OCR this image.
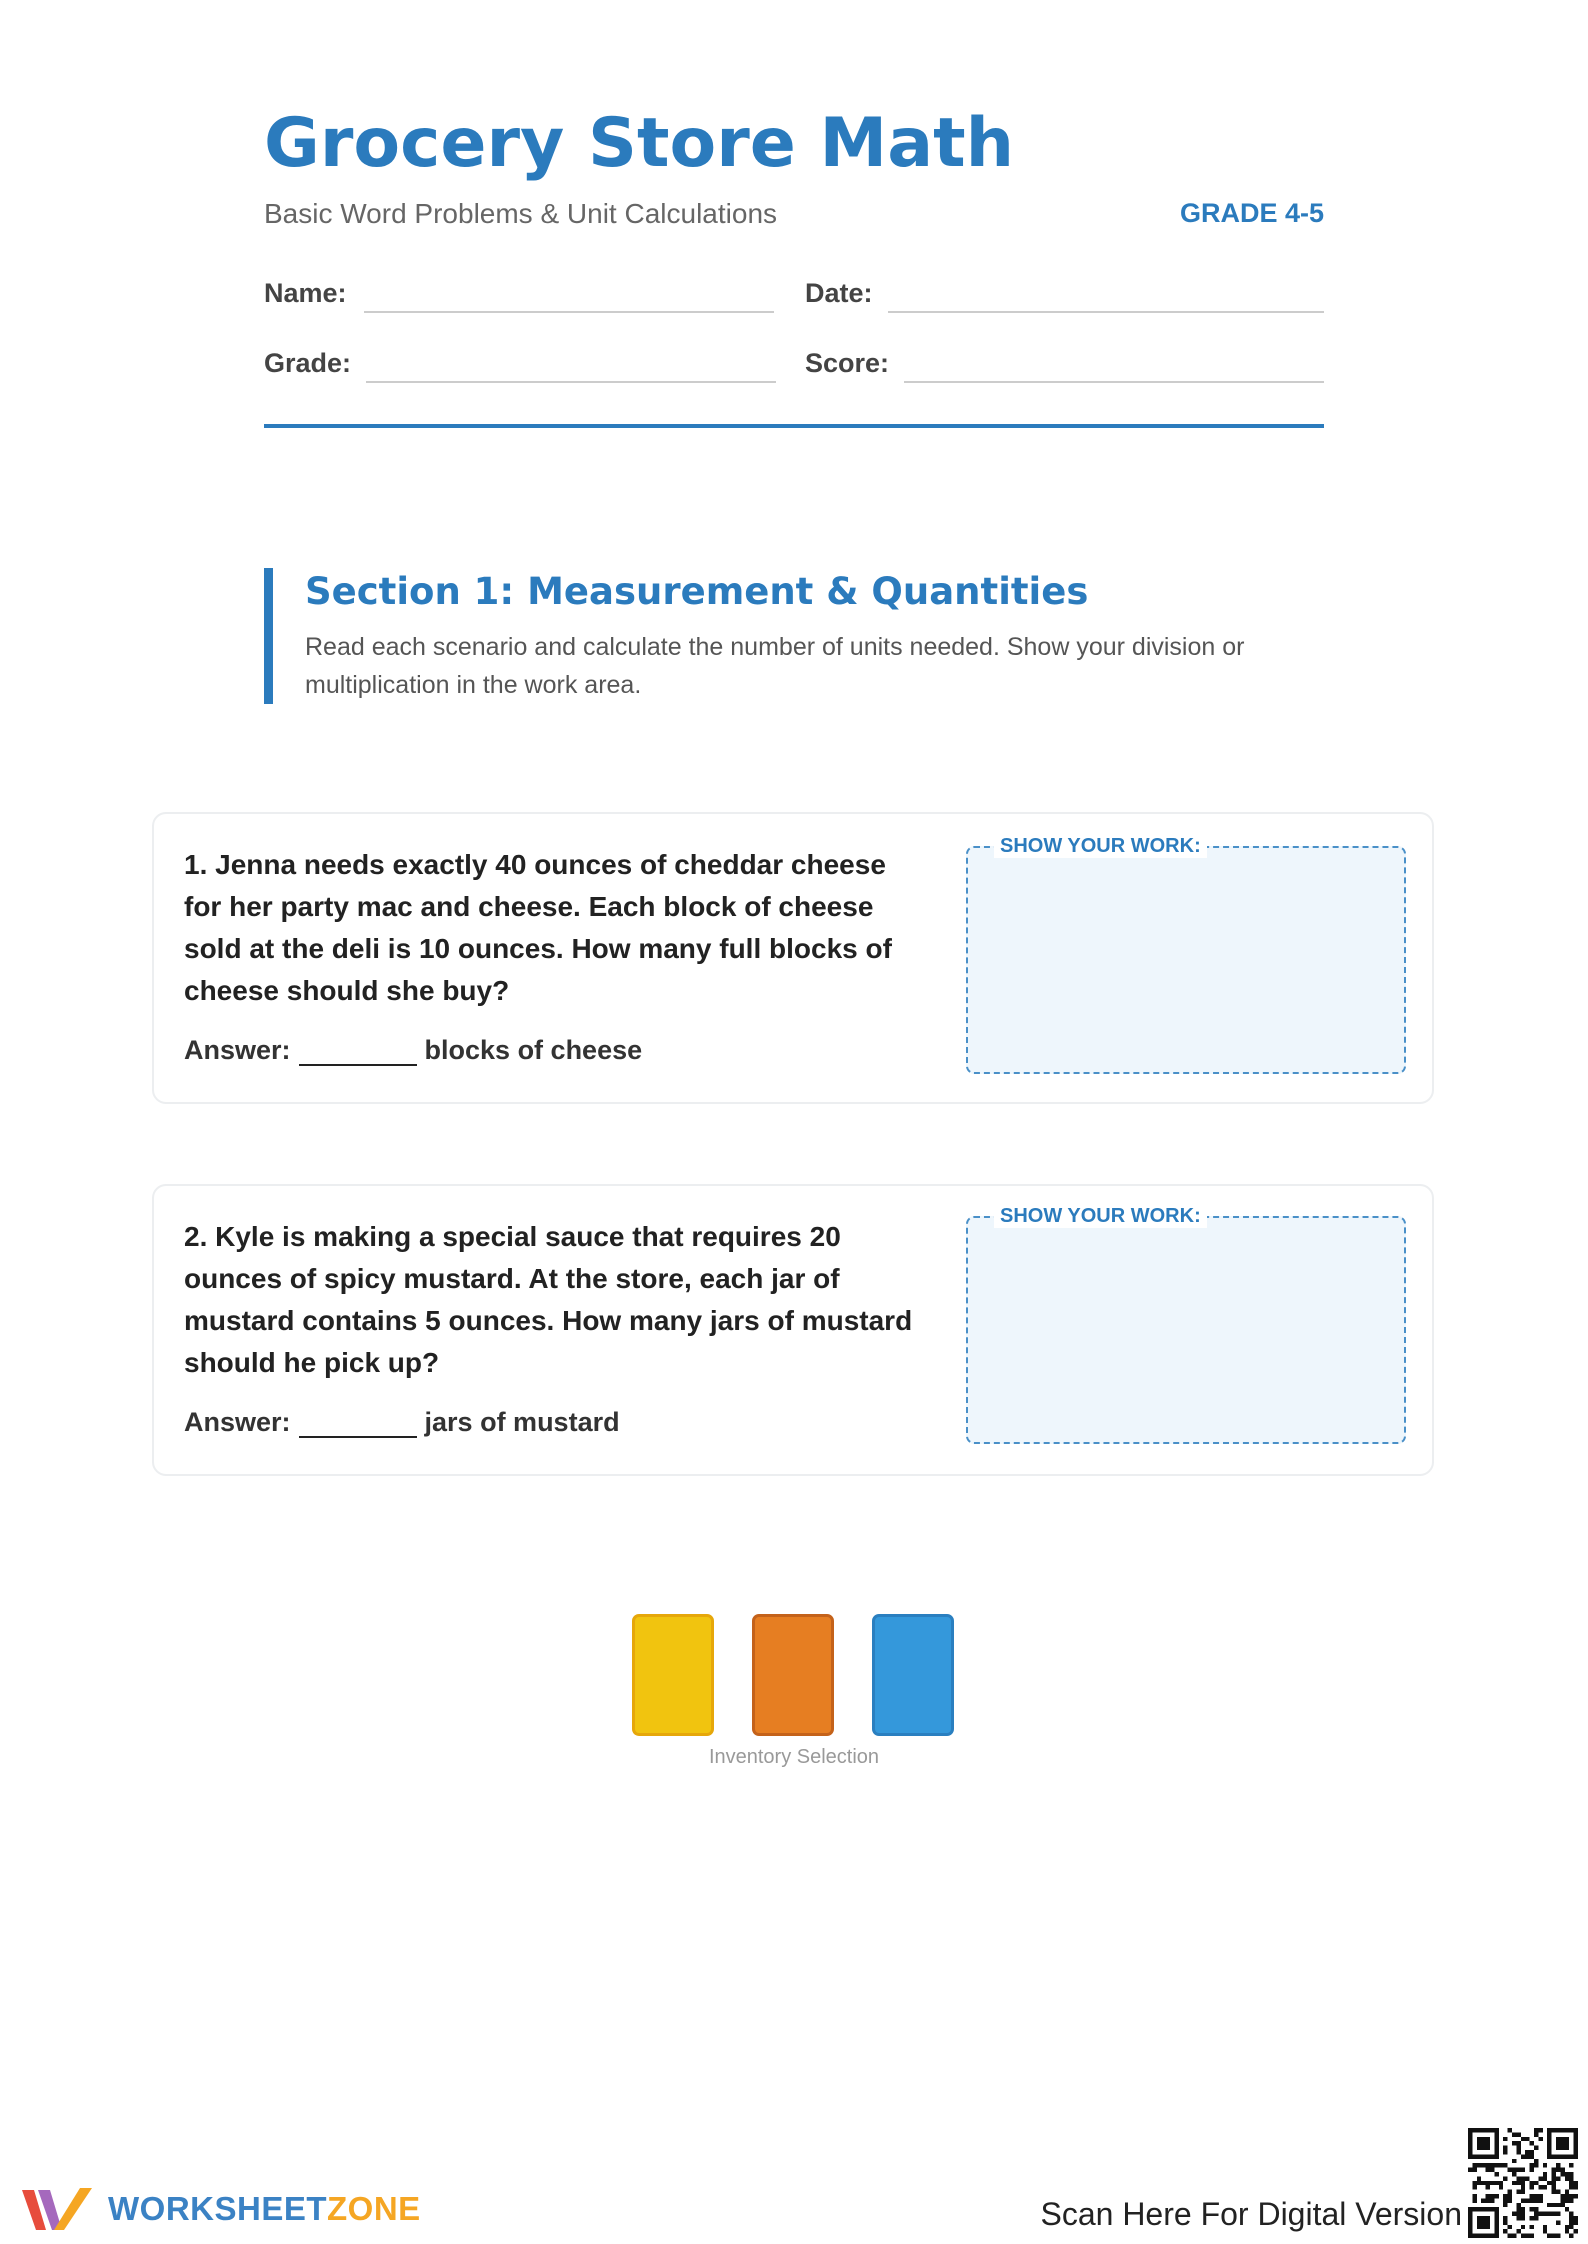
Grocery Store Math
Basic Word Problems & Unit Calculations	GRADE 4-5
Name:	Date:
Grade:	Score:
Section 1: Measurement & Quantities
Read each scenario and calculate the number of units needed. Show your division or multiplication in the work area.
1. Jenna needs exactly 40 ounces of cheddar cheese for her party mac and cheese. Each block of cheese sold at the deli is 10 ounces. How many full blocks of cheese should she buy?
Answer:	blocks of cheese
SHOW YOUR WORK:
2. Kyle is making a special sauce that requires 20 ounces of spicy mustard. At the store, each jar of mustard contains 5 ounces. How many jars of mustard should he pick up?
Answer:	jars of mustard
SHOW YOUR WORK:
Inventory Selection
WORKSHEETZONE	Scan Here For Digital Version
